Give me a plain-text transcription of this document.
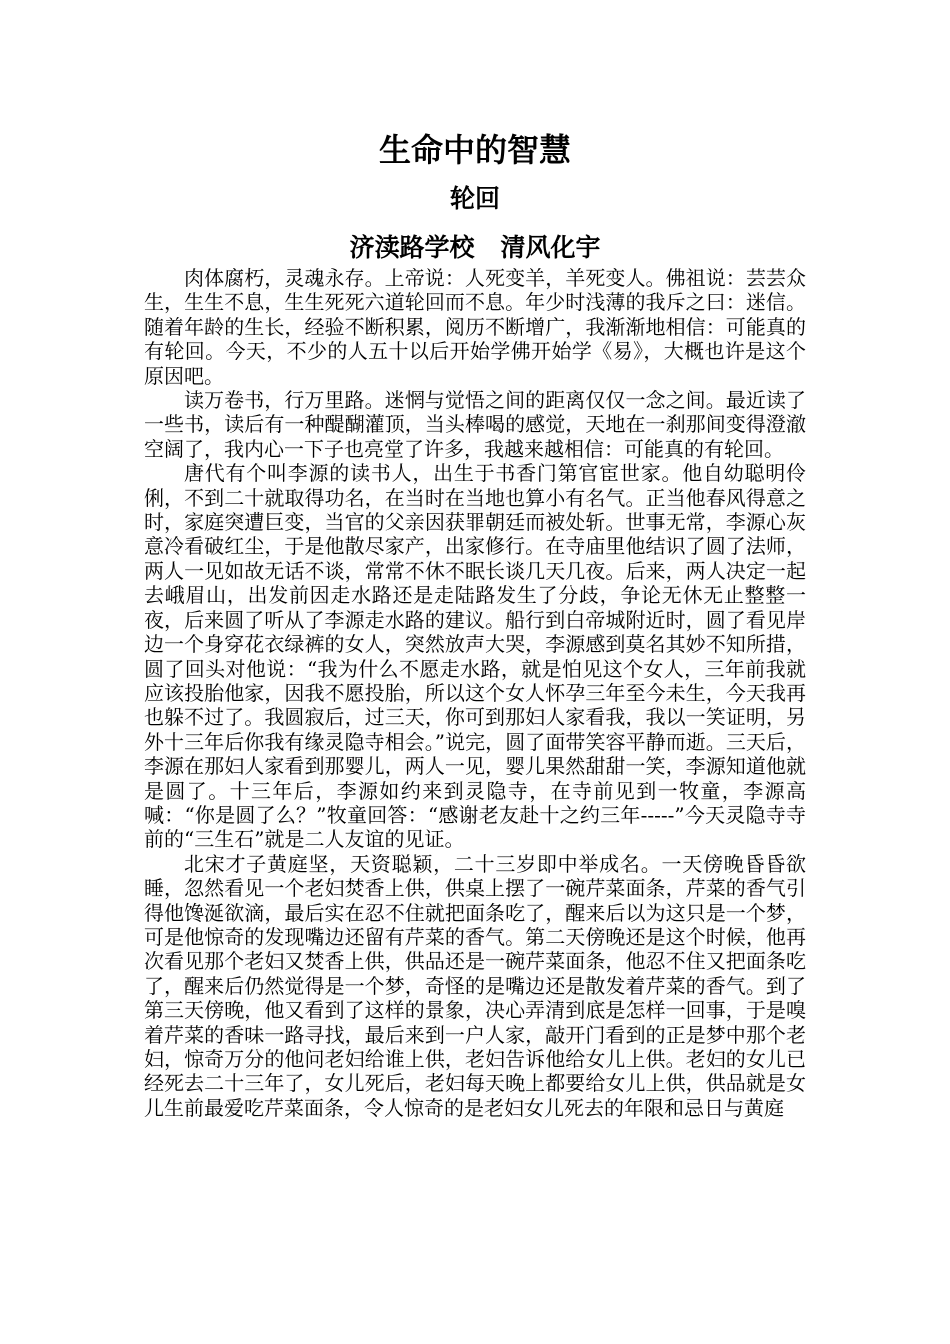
生命中的智慧
轮回
济渎路学校 清风化宇

肉体腐朽，灵魂永存。上帝说：人死变羊，羊死变人。佛祖说：芸芸众生，生生不息，生生死死六道轮回而不息。年少时浅薄的我斥之曰：迷信。随着年龄的生长，经验不断积累，阅历不断增广，我渐渐地相信：可能真的有轮回。今天，不少的人五十以后开始学佛开始学《易》，大概也许是这个原因吧。

读万卷书，行万里路。迷惘与觉悟之间的距离仅仅一念之间。最近读了一些书，读后有一种醍醐灌顶，当头棒喝的感觉，天地在一刹那间变得澄澈空阔了，我内心一下子也亮堂了许多，我越来越相信：可能真的有轮回。

唐代有个叫李源的读书人，出生于书香门第官宦世家。他自幼聪明伶俐，不到二十就取得功名，在当时在当地也算小有名气。正当他春风得意之时，家庭突遭巨变，当官的父亲因获罪朝廷而被处斩。世事无常，李源心灰意冷看破红尘，于是他散尽家产，出家修行。在寺庙里他结识了圆了法师，两人一见如故无话不谈，常常不休不眠长谈几天几夜。后来，两人决定一起去峨眉山，出发前因走水路还是走陆路发生了分歧，争论无休无止整整一夜，后来圆了听从了李源走水路的建议。船行到白帝城附近时，圆了看见岸边一个身穿花衣绿裤的女人，突然放声大哭，李源感到莫名其妙不知所措，圆了回头对他说：“我为什么不愿走水路，就是怕见这个女人，三年前我就应该投胎他家，因我不愿投胎，所以这个女人怀孕三年至今未生，今天我再也躲不过了。我圆寂后，过三天，你可到那妇人家看我，我以一笑证明，另外十三年后你我有缘灵隐寺相会。”说完，圆了面带笑容平静而逝。三天后，李源在那妇人家看到那婴儿，两人一见，婴儿果然甜甜一笑，李源知道他就是圆了。十三年后，李源如约来到灵隐寺，在寺前见到一牧童，李源高喊：“你是圆了么？”牧童回答：“感谢老友赴十之约三年-----”今天灵隐寺寺前的“三生石”就是二人友谊的见证。

北宋才子黄庭坚，天资聪颖，二十三岁即中举成名。一天傍晚昏昏欲睡，忽然看见一个老妇焚香上供，供桌上摆了一碗芹菜面条，芹菜的香气引得他馋涎欲滴，最后实在忍不住就把面条吃了，醒来后以为这只是一个梦，可是他惊奇的发现嘴边还留有芹菜的香气。第二天傍晚还是这个时候，他再次看见那个老妇又焚香上供，供品还是一碗芹菜面条，他忍不住又把面条吃了，醒来后仍然觉得是一个梦，奇怪的是嘴边还是散发着芹菜的香气。到了第三天傍晚，他又看到了这样的景象，决心弄清到底是怎样一回事，于是嗅着芹菜的香味一路寻找，最后来到一户人家，敲开门看到的正是梦中那个老妇，惊奇万分的他问老妇给谁上供，老妇告诉他给女儿上供。老妇的女儿已经死去二十三年了，女儿死后，老妇每天晚上都要给女儿上供，供品就是女儿生前最爱吃芹菜面条，令人惊奇的是老妇女儿死去的年限和忌日与黄庭
